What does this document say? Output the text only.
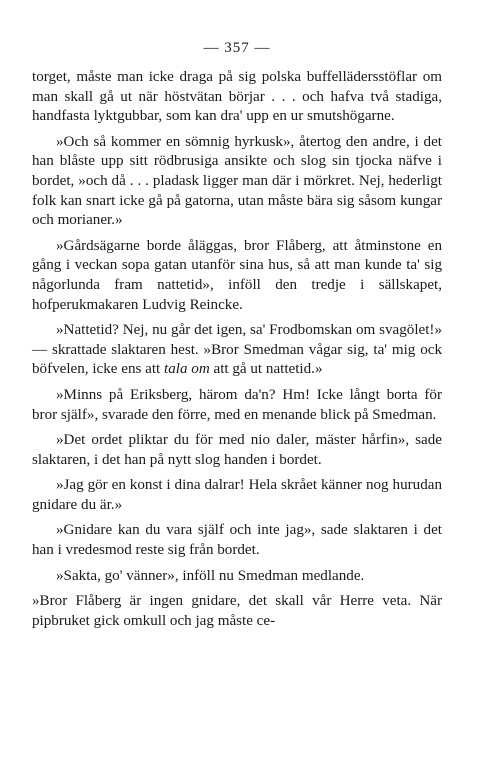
— 357 —

torget, måste man icke draga på sig polska buffellädersstöflar om man skall gå ut när höstvätan börjar . . . och hafva två stadiga, handfasta lyktgubbar, som kan dra' upp en ur smutshögarne.

»Och så kommer en sömnig hyrkusk», återtog den andre, i det han blåste upp sitt rödbrusiga ansikte och slog sin tjocka näfve i bordet, »och då . . . pladask ligger man där i mörkret. Nej, hederligt folk kan snart icke gå på gatorna, utan måste bära sig såsom kungar och morianer.»

»Gårdsägarne borde åläggas, bror Flåberg, att åtminstone en gång i veckan sopa gatan utanför sina hus, så att man kunde ta' sig någorlunda fram nattetid», inföll den tredje i sällskapet, hofperukmakaren Ludvig Reincke.

»Nattetid? Nej, nu går det igen, sa' Frodbomskan om svagölet!» — skrattade slaktaren hest. »Bror Smedman vågar sig, ta' mig ock böfvelen, icke ens att tala om att gå ut nattetid.»

»Minns på Eriksberg, härom da'n? Hm! Icke långt borta för bror själf», svarade den förre, med en menande blick på Smedman.

»Det ordet pliktar du för med nio daler, mäster hårfin», sade slaktaren, i det han på nytt slog handen i bordet.

»Jag gör en konst i dina dalrar! Hela skrået känner nog hurudan gnidare du är.»

»Gnidare kan du vara själf och inte jag», sade slaktaren i det han i vredesmod reste sig från bordet.

»Sakta, go' vänner», inföll nu Smedman medlande.

»Bror Flåberg är ingen gnidare, det skall vår Herre veta. När pipbruket gick omkull och jag måste ce-
